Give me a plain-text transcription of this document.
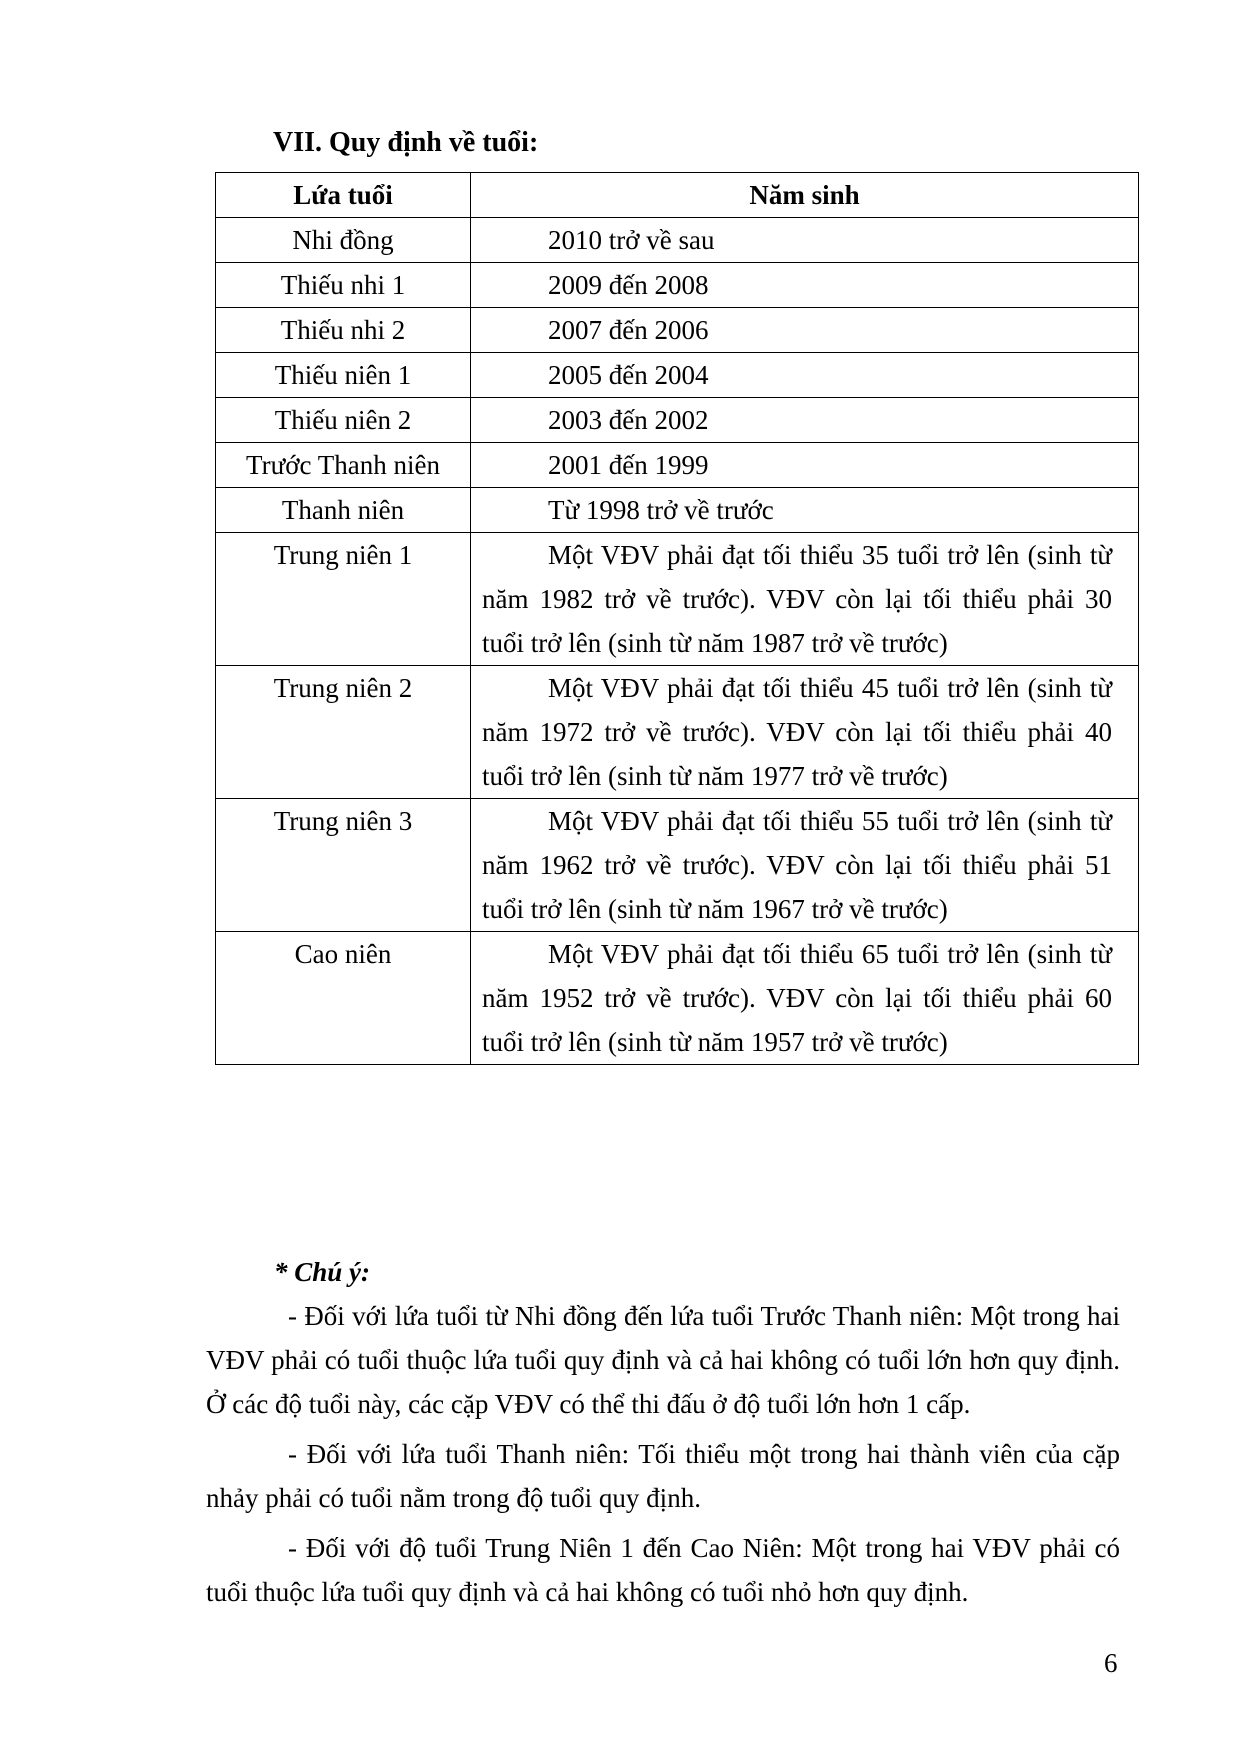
VII. Quy định về tuổi:
Lứa tuổi	Năm sinh
Nhi đồng	2010 trở về sau
Thiếu nhi 1	2009 đến 2008
Thiếu nhi 2	2007 đến 2006
Thiếu niên 1	2005 đến 2004
Thiếu niên 2	2003 đến 2002
Trước Thanh niên	2001 đến 1999
Thanh niên	Từ 1998 trở về trước
Trung niên 1	Một VĐV phải đạt tối thiểu 35 tuổi trở lên (sinh từ năm 1982 trở về trước). VĐV còn lại tối thiểu phải 30 tuổi trở lên (sinh từ năm 1987 trở về trước)

Trung niên 2	Một VĐV phải đạt tối thiểu 45 tuổi trở lên (sinh từ năm 1972 trở về trước). VĐV còn lại tối thiểu phải 40 tuổi trở lên (sinh từ năm 1977 trở về trước)

Trung niên 3	Một VĐV phải đạt tối thiểu 55 tuổi trở lên (sinh từ năm 1962 trở về trước). VĐV còn lại tối thiểu phải 51 tuổi trở lên (sinh từ năm 1967 trở về trước)

Cao niên	Một VĐV phải đạt tối thiểu 65 tuổi trở lên (sinh từ năm 1952 trở về trước). VĐV còn lại tối thiểu phải 60 tuổi trở lên (sinh từ năm 1957 trở về trước)
* Chú ý:

- Đối với lứa tuổi từ Nhi đồng đến lứa tuổi Trước Thanh niên: Một trong hai VĐV phải có tuổi thuộc lứa tuổi quy định và cả hai không có tuổi lớn hơn quy định. Ở các độ tuổi này, các cặp VĐV có thể thi đấu ở độ tuổi lớn hơn 1 cấp.

- Đối với lứa tuổi Thanh niên: Tối thiểu một trong hai thành viên của cặp nhảy phải có tuổi nằm trong độ tuổi quy định.

- Đối với độ tuổi Trung Niên 1 đến Cao Niên: Một trong hai VĐV phải có tuổi thuộc lứa tuổi quy định và cả hai không có tuổi nhỏ hơn quy định.

6
